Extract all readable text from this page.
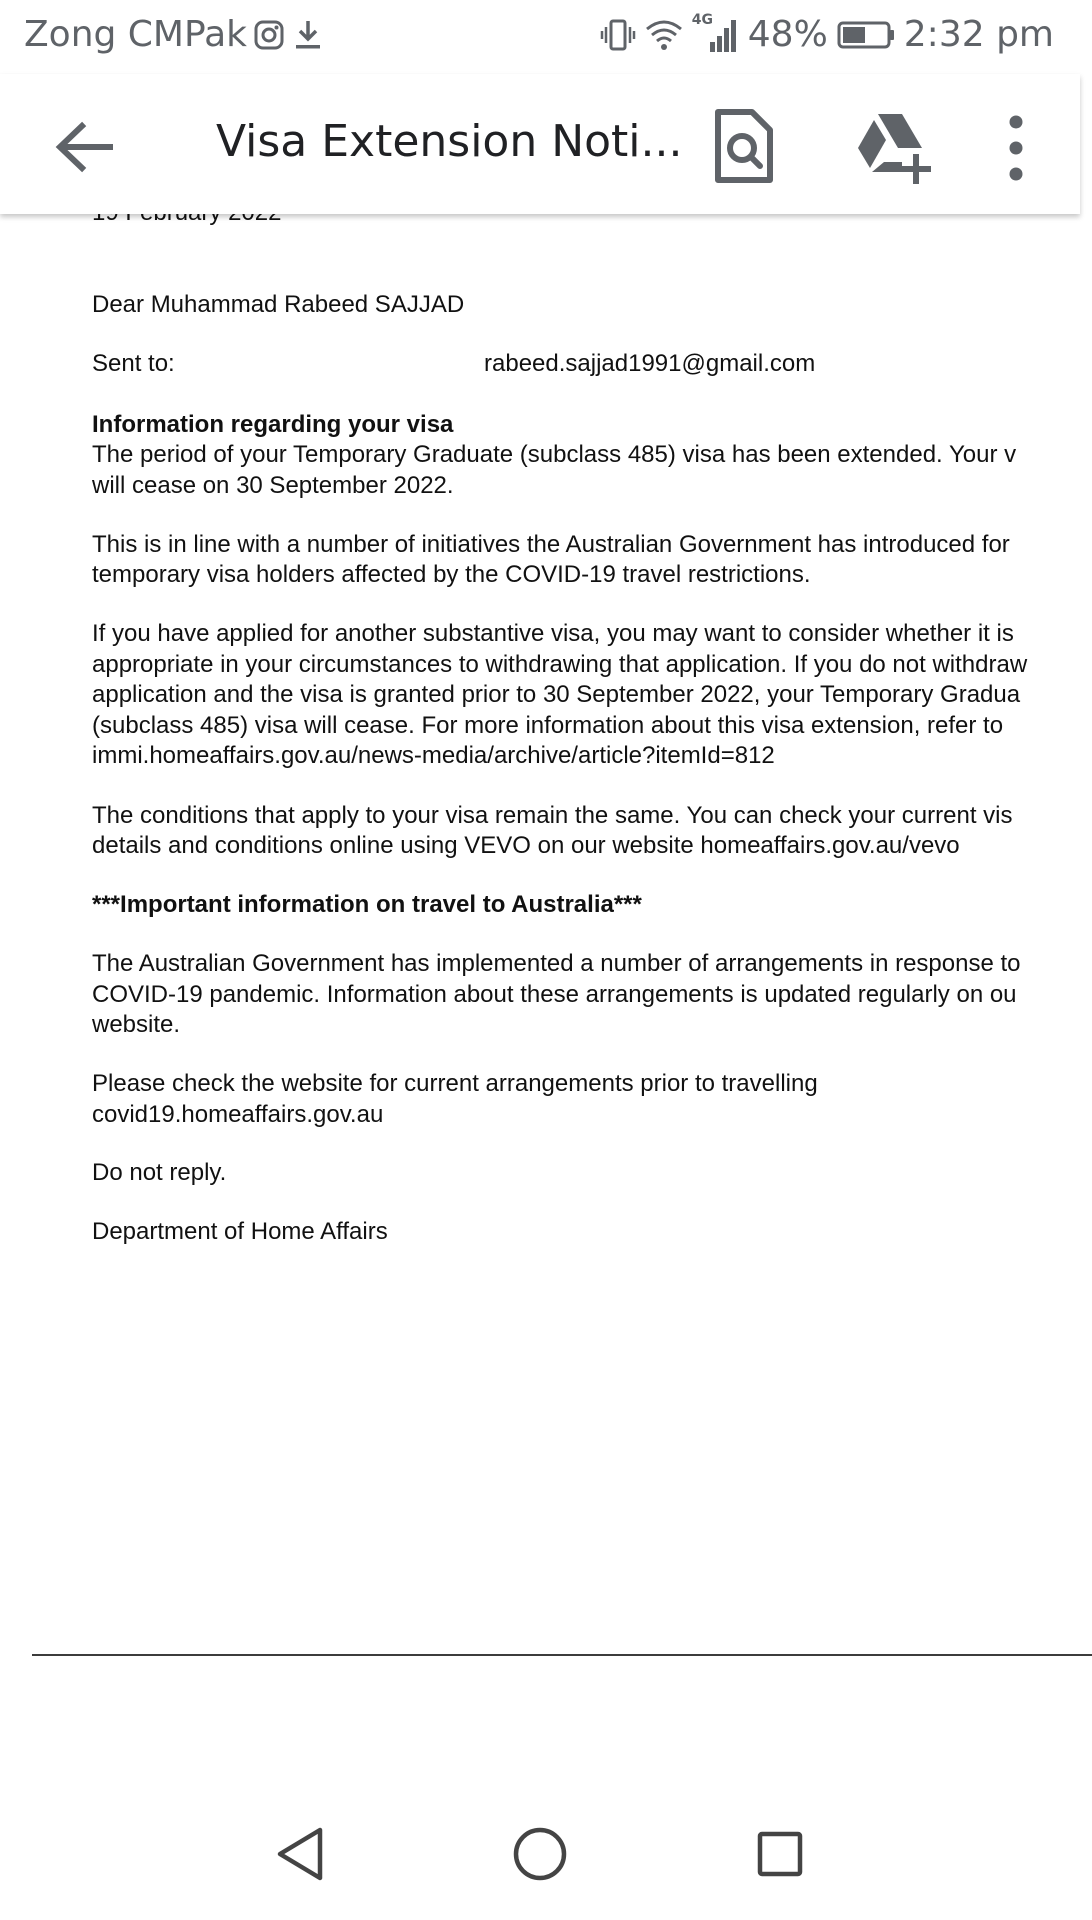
Zong CMPak	4G 48% 2:32 pm
Visa Extension Noti...
Dear Muhammad Rabeed SAJJAD
Sent to:	rabeed.sajjad1991@gmail.com
Information regarding your visa
The period of your Temporary Graduate (subclass 485) visa has been extended. Your v
will cease on 30 September 2022.
This is in line with a number of initiatives the Australian Government has introduced for
temporary visa holders affected by the COVID-19 travel restrictions.
If you have applied for another substantive visa, you may want to consider whether it is
appropriate in your circumstances to withdrawing that application. If you do not withdraw
application and the visa is granted prior to 30 September 2022, your Temporary Gradua
(subclass 485) visa will cease. For more information about this visa extension, refer to
immi.homeaffairs.gov.au/news-media/archive/article?itemId=812
The conditions that apply to your visa remain the same. You can check your current vis
details and conditions online using VEVO on our website homeaffairs.gov.au/vevo
***Important information on travel to Australia***
The Australian Government has implemented a number of arrangements in response to
COVID-19 pandemic. Information about these arrangements is updated regularly on ou
website.
Please check the website for current arrangements prior to travelling
covid19.homeaffairs.gov.au
Do not reply.
Department of Home Affairs
